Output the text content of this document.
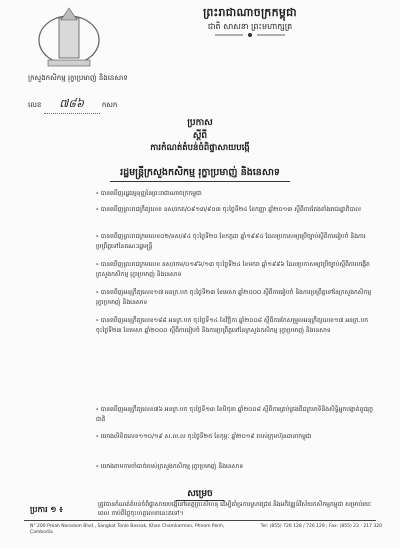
ព្រះរាជាណាចក្រកម្ពុជា
ជាតិ សាសនា ព្រះមហាក្សត្រ
ក្រសួងកសិកម្ម រុក្ខាប្រមាញ់ និងនេសាទ
លេខ ៧៨៦	កសក
ប្រកាស
ស្ដីពី
ការកំណត់តំបន់ចំពិផ្ទាសាយបង្កើ
រដ្ឋមន្ត្រីក្រសួងកសិកម្ម រុក្ខាប្រមាញ់ និងនេសាទ
- បានឃើញរដ្ឋធម្មនុញ្ញនៃព្រះរាជាណាចក្រកម្ពុជា
- បានឃើញព្រះរាជក្រឹត្យលេខ នស/រកត/០៩១៣/៩០៣ ចុះថ្ងៃទី២៤ ខែកញ្ញា ឆ្នាំ២០១៣ ស្ដីពីការតែងតាំងរាជរដ្ឋាភិបាល
- បានឃើញព្រះរាជក្រមលេខ០២/នស/៩៤ ចុះថ្ងៃទី២០ ខែកក្កដា ឆ្នាំ១៩៩៤ ដែលប្រកាសឲ្យប្រើច្បាប់ស្ដីពីការរៀបចំ និងការប្រព្រឹត្តទៅនៃគណៈរដ្ឋមន្ត្រី
- បានឃើញព្រះរាជក្រមលេខ នស/រកម/០១៩៦/១៣ ចុះថ្ងៃទី២៤ ខែមករា ឆ្នាំ១៩៩៦ ដែលប្រកាសឲ្យប្រើច្បាប់ស្ដីពីការបង្កើតក្រសួងកសិកម្ម រុក្ខាប្រមាញ់ និងនេសាទ
- បានឃើញអនុក្រឹត្យលេខ១៧ អនក្រ.បក ចុះថ្ងៃទី២៣ ខែមេសា ឆ្នាំ២០០០ ស្ដីពីការរៀបចំ និងការប្រព្រឹត្តទៅនៃក្រសួងកសិកម្ម រុក្ខាប្រមាញ់ និងនេសាទ
- បានឃើញអនុក្រឹត្យលេខ១៨៨ អនក្រ.បក ចុះថ្ងៃទី១៤ ខែវិច្ឆិកា ឆ្នាំ២០០៨ ស្ដីពីការកែសម្រួលអនុក្រឹត្យលេខ១៧ អនក្រ.បក ចុះថ្ងៃទី២៣ ខែមេសា ឆ្នាំ២០០០ ស្ដីពីការរៀបចំ និងការប្រព្រឹត្តទៅនៃក្រសួងកសិកម្ម រុក្ខាប្រមាញ់ និងនេសាទ
- បានឃើញអនុក្រឹត្យលេខ៧៦ អនក្រ.បក ចុះថ្ងៃទី១៣ ខែមិថុនា ឆ្នាំ២០០៨ ស្ដីពីការគ្រប់គ្រងពីជក្រមាទិនិងសិទ្ធិអ្នកបង្កាត់ពូជរុក្ខជាតិ
- យោងលិខិតលេខ១១០/១៩ ស.ល.ល ចុះថ្ងៃទី២៥ ខែកុម្ភៈ ឆ្នាំ២០១៩ របស់ក្រុមហ៊ុនធានាកម្ពុជា
- យោងតាមការចាំបាច់របស់ក្រសួងកសិកម្ម រុក្ខាប្រមាញ់ និងនេសាទ
សម្រេច
ប្រការ ១ ៖
ត្រូវបានកំណត់តំបន់ចំពិផ្ទាសាយបង្កើនៅខេត្តព្រះសីហនុ ដើម្បីគាំទ្រការស្រាវជ្រាវ និងអភិវឌ្ឍន៍វិស័យកសិកម្មកម្ពុជា សម្រាប់រយៈពេល ចាប់ពីថ្ងៃចុះហត្ថលេខានេះតទៅ។
N° 200 Preah Norodom Blvd., Sangkat Tonle Bassak, Khan Chamkarmon, Phnom Penh, Cambodia
Tel: (855) 726 128 / 726 129 ; Fax: (855) 23 - 217 320
